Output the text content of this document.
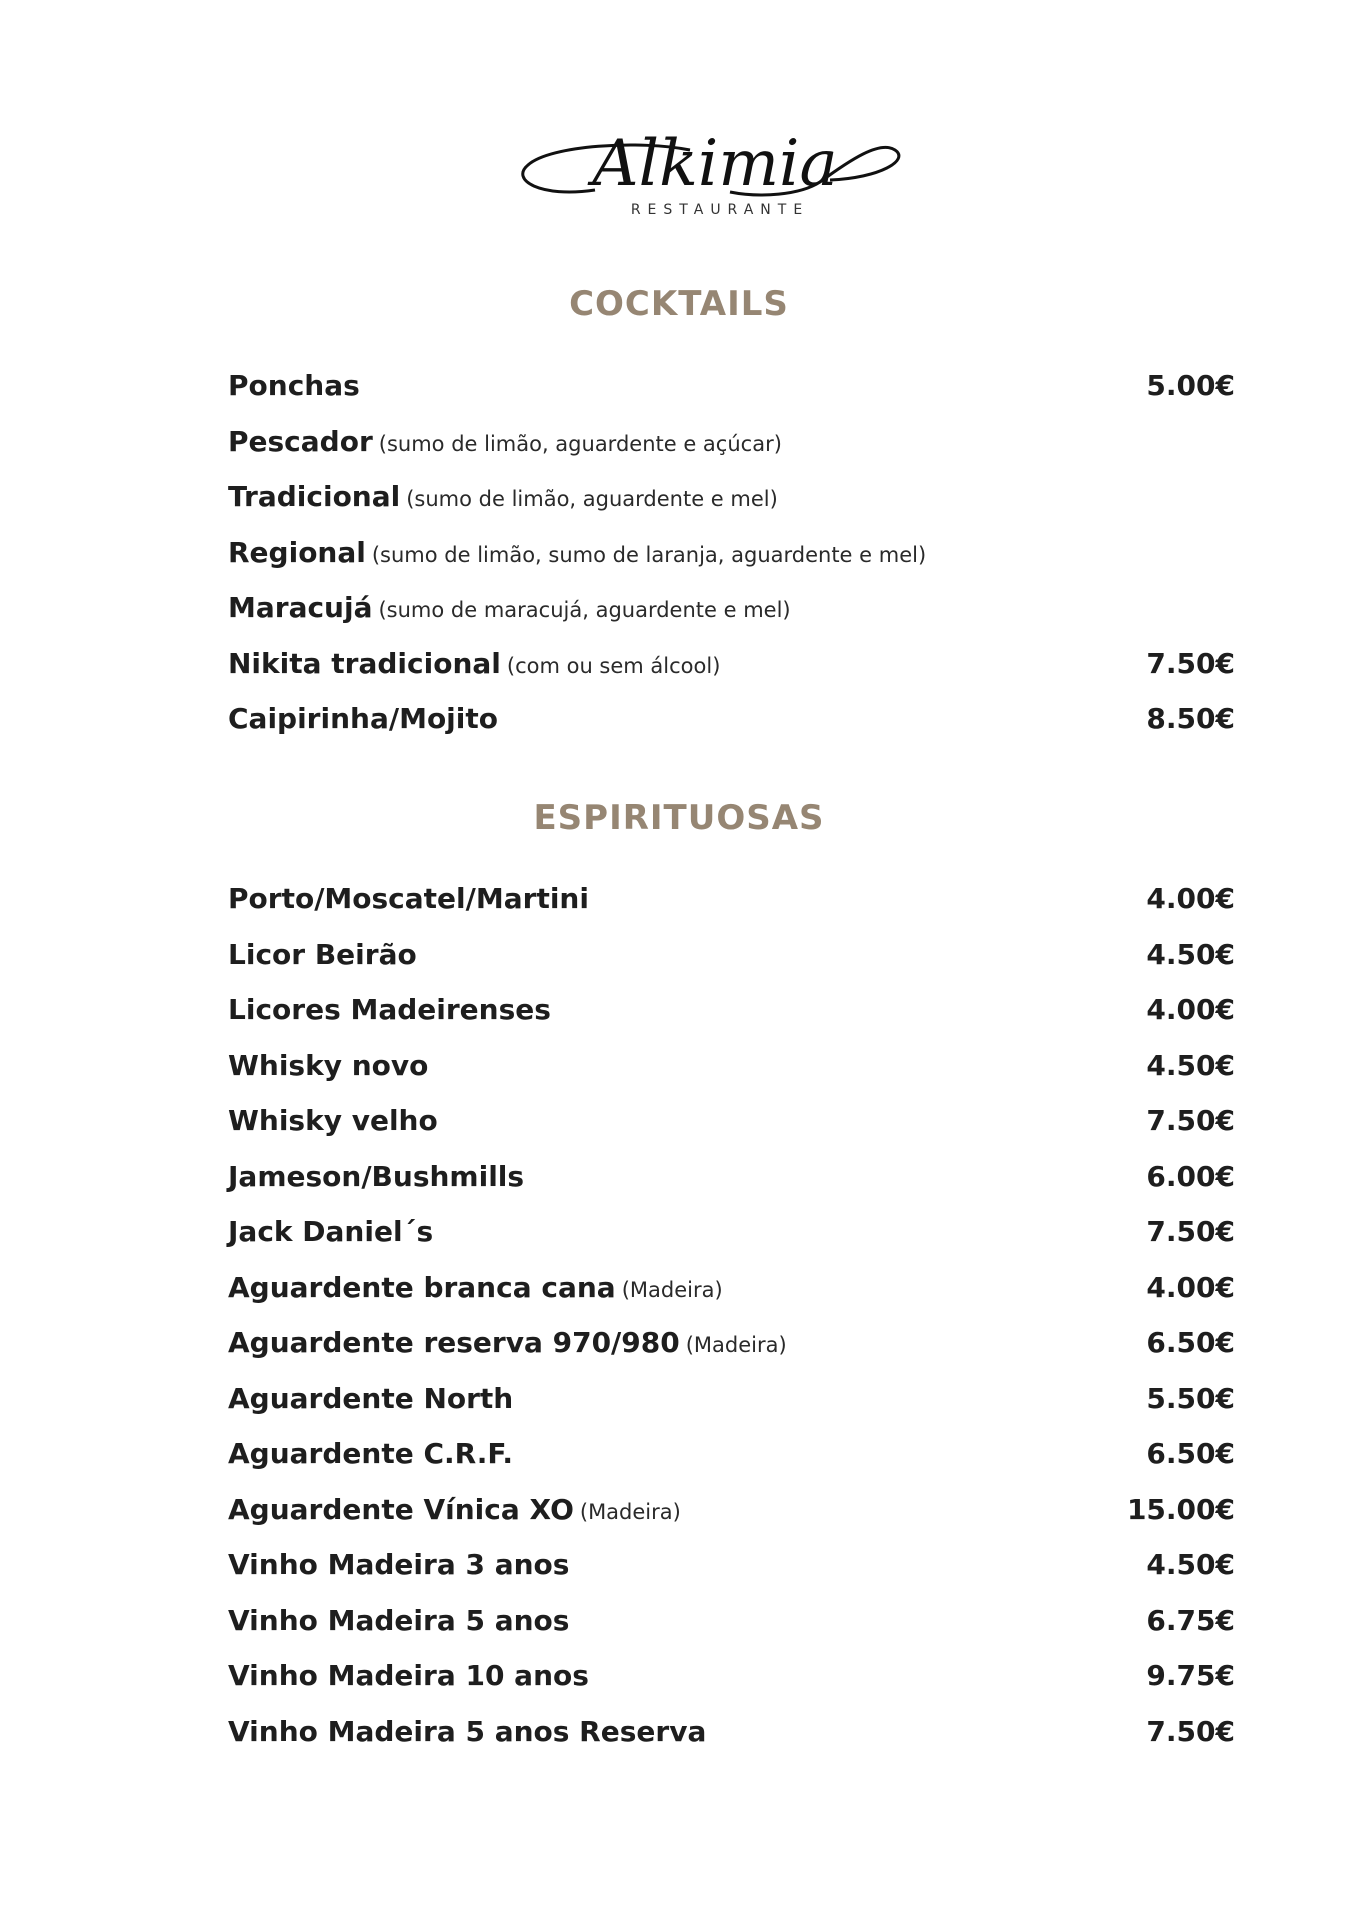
Alkimia
RESTAURANTE
COCKTAILS
Ponchas	5.00€
Pescador (sumo de limão, aguardente e açúcar)
Tradicional (sumo de limão, aguardente e mel)
Regional (sumo de limão, sumo de laranja, aguardente e mel)
Maracujá (sumo de maracujá, aguardente e mel)
Nikita tradicional (com ou sem álcool)	7.50€
Caipirinha/Mojito	8.50€
ESPIRITUOSAS
Porto/Moscatel/Martini	4.00€
Licor Beirão	4.50€
Licores Madeirenses	4.00€
Whisky novo	4.50€
Whisky velho	7.50€
Jameson/Bushmills	6.00€
Jack Daniel´s	7.50€
Aguardente branca cana (Madeira)	4.00€
Aguardente reserva 970/980 (Madeira)	6.50€
Aguardente North	5.50€
Aguardente C.R.F.	6.50€
Aguardente Vínica XO (Madeira)	15.00€
Vinho Madeira 3 anos	4.50€
Vinho Madeira 5 anos	6.75€
Vinho Madeira 10 anos	9.75€
Vinho Madeira 5 anos Reserva	7.50€
